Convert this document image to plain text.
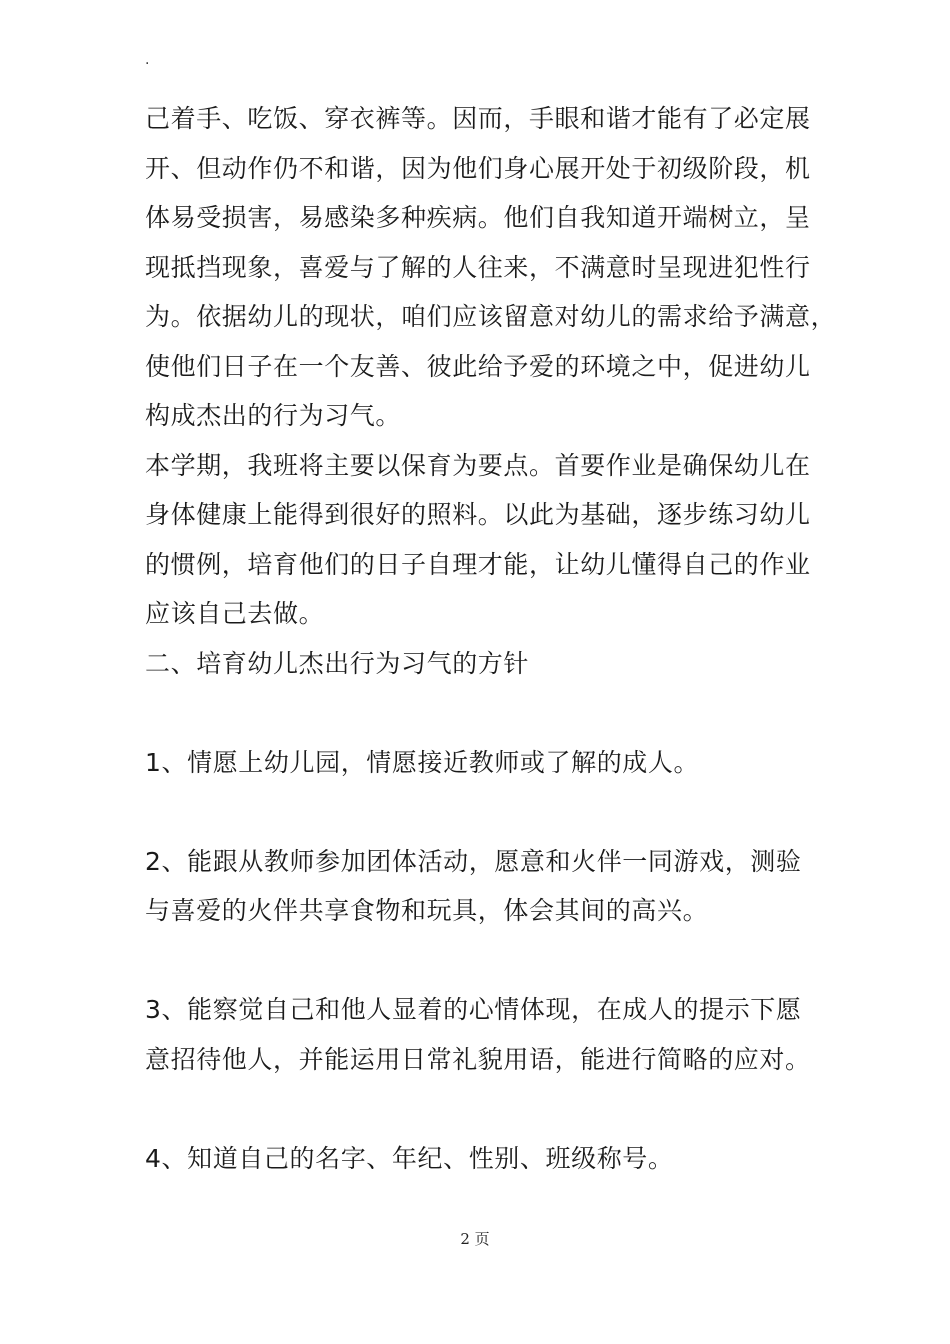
.

己着手、吃饭、穿衣裤等。因而，手眼和谐才能有了必定展

开、但动作仍不和谐，因为他们身心展开处于初级阶段，机

体易受损害，易感染多种疾病。他们自我知道开端树立，呈

现抵挡现象，喜爱与了解的人往来，不满意时呈现进犯性行

为。依据幼儿的现状，咱们应该留意对幼儿的需求给予满意，

使他们日子在一个友善、彼此给予爱的环境之中，促进幼儿

构成杰出的行为习气。

本学期，我班将主要以保育为要点。首要作业是确保幼儿在

身体健康上能得到很好的照料。以此为基础，逐步练习幼儿

的惯例，培育他们的日子自理才能，让幼儿懂得自己的作业

应该自己去做。

二、培育幼儿杰出行为习气的方针

1、情愿上幼儿园，情愿接近教师或了解的成人。

2、能跟从教师参加团体活动，愿意和火伴一同游戏，测验

与喜爱的火伴共享食物和玩具，体会其间的高兴。

3、能察觉自己和他人显着的心情体现，在成人的提示下愿

意招待他人，并能运用日常礼貌用语，能进行简略的应对。

4、知道自己的名字、年纪、性别、班级称号。

2 页
